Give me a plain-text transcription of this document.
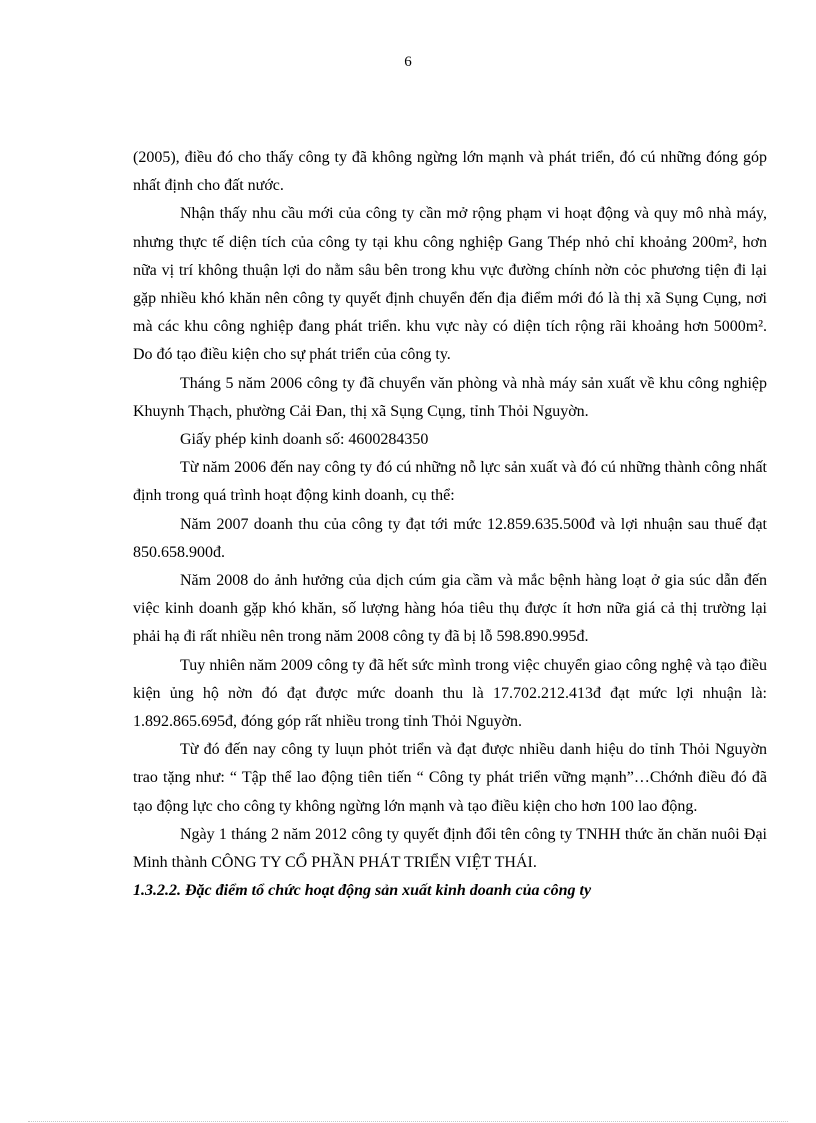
6

(2005), điều đó cho thấy công ty đã không ngừng lớn mạnh và phát triển, đó cú những đóng góp nhất định cho đất nước.

Nhận thấy nhu cầu mới của công ty cần mở rộng phạm vi hoạt động và quy mô nhà máy, nhưng thực tế diện tích của công ty tại khu công nghiệp Gang Thép nhỏ chỉ khoảng 200m², hơn nữa vị trí không thuận lợi do nằm sâu bên trong khu vực đường chính nờn cỏc phương tiện đi lại gặp nhiều khó khăn nên công ty quyết định chuyển đến địa điểm mới đó là thị xã Sụng Cụng, nơi mà các khu công nghiệp đang phát triển. khu vực này có diện tích rộng rãi khoảng hơn 5000m². Do đó tạo điều kiện cho sự phát triển của công ty.

Tháng 5 năm 2006 công ty đã chuyển văn phòng và nhà máy sản xuất về khu công nghiệp Khuynh Thạch, phường Cải Đan, thị xã Sụng Cụng, tỉnh Thỏi Nguyờn.

Giấy phép kinh doanh số: 4600284350

Từ năm 2006 đến nay công ty đó cú những nỗ lực sản xuất và đó cú những thành công nhất định trong quá trình hoạt động kinh doanh, cụ thể:

Năm 2007 doanh thu của công ty đạt tới mức 12.859.635.500đ và lợi nhuận sau thuế đạt 850.658.900đ.

Năm 2008 do ảnh hưởng của dịch cúm gia cầm và mắc bệnh hàng loạt ở gia súc dẫn đến việc kinh doanh gặp khó khăn, số lượng hàng hóa tiêu thụ được ít hơn nữa giá cả thị trường lại phải hạ đi rất nhiều nên trong năm 2008 công ty đã bị lỗ 598.890.995đ.

Tuy nhiên năm 2009 công ty đã hết sức mình trong việc chuyển giao công nghệ và tạo điều kiện ủng hộ nờn đó đạt được mức doanh thu là 17.702.212.413đ đạt mức lợi nhuận là: 1.892.865.695đ, đóng góp rất nhiều trong tỉnh Thỏi Nguyờn.

Từ đó đến nay công ty luụn phỏt triển và đạt được nhiều danh hiệu do tỉnh Thỏi Nguyờn trao tặng như: “ Tập thể lao động tiên tiến “ Công ty phát triển vững mạnh”…Chớnh điều đó đã tạo động lực cho công ty không ngừng lớn mạnh và tạo điều kiện cho hơn 100 lao động.

Ngày 1 tháng 2 năm 2012 công ty quyết định đổi tên công ty TNHH thức ăn chăn nuôi Đại Minh thành CÔNG TY CỔ PHẦN PHÁT TRIỂN VIỆT THÁI.

1.3.2.2. Đặc điểm tổ chức hoạt động sản xuất kinh doanh của công ty
